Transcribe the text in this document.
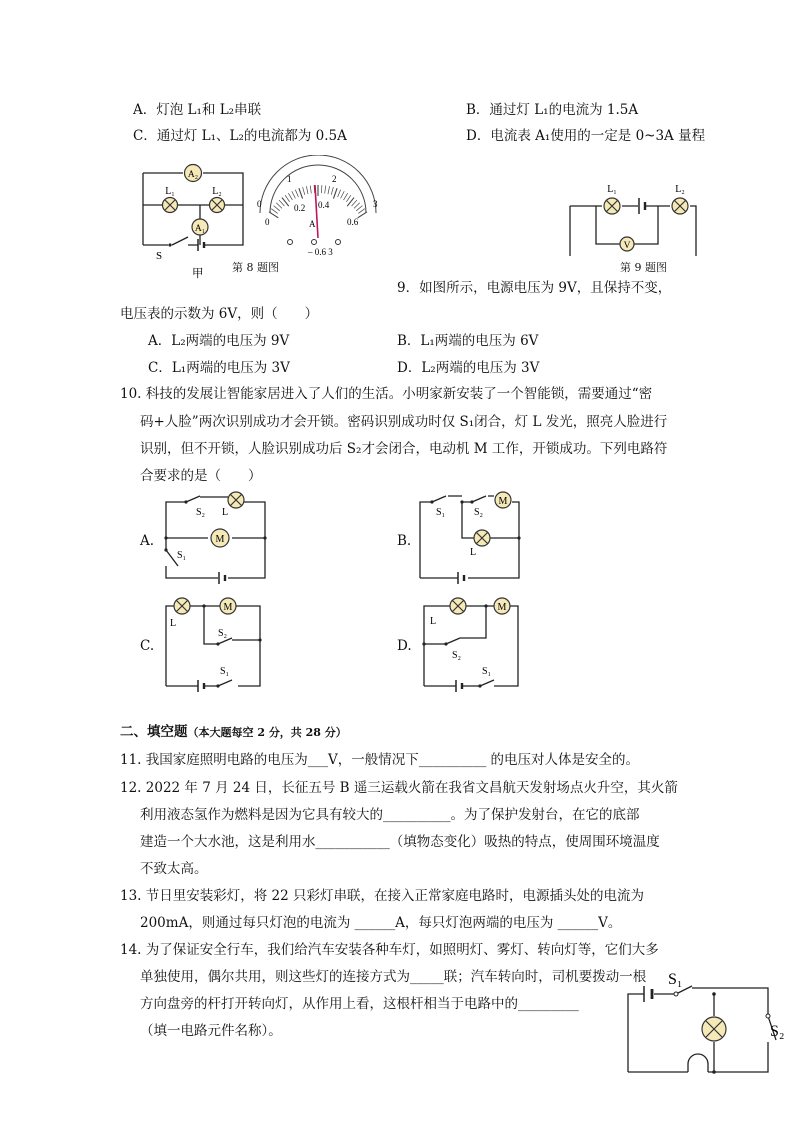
A．灯泡 L₁和 L₂串联	B．通过灯 L₁的电流为 1.5A
C．通过灯 L₁、L₂的电流都为 0.5A	D．电流表 A₁使用的一定是 0~3A 量程
A₂
A₁
L₁	L₂
S
甲
0
0.2 0.4
0.6
0
1	2
3
A
– 0.6 3
第 8 题图
V
L₁	L₂
第 9 题图
9．如图所示，电源电压为 9V，且保持不变，
电压表的示数为 6V，则（　　）
A．L₂两端的电压为 9V	B．L₁两端的电压为 6V
C．L₁两端的电压为 3V	D．L₂两端的电压为 3V
10. 科技的发展让智能家居进入了人们的生活。小明家新安装了一个智能锁，需要通过“密
码+人脸”两次识别成功才会开锁。密码识别成功时仅 S₁闭合，灯 L 发光，照亮人脸进行
识别，但不开锁，人脸识别成功后 S₂才会闭合，电动机 M 工作，开锁成功。下列电路符
合要求的是（　　）
A.	M
S₂ L
S₁
B.
M
S₁	S₂
L
C.
M
L
S₂
S₁
D.
M
L
S₂
S₁
二、填空题（本大题每空 2 分，共 28 分）
11. 我国家庭照明电路的电压为___V，一般情况下__________ 的电压对人体是安全的。
12. 2022 年 7 月 24 日，长征五号 B 遥三运载火箭在我省文昌航天发射场点火升空，其火箭
利用液态氢作为燃料是因为它具有较大的__________。为了保护发射台，在它的底部
建造一个大水池，这是利用水___________（填物态变化）吸热的特点，使周围环境温度
不致太高。
13. 节日里安装彩灯，将 22 只彩灯串联，在接入正常家庭电路时，电源插头处的电流为
200mA，则通过每只灯泡的电流为 ______A，每只灯泡两端的电压为 ______V。
14. 为了保证安全行车，我们给汽车安装各种车灯，如照明灯、雾灯、转向灯等，它们大多
单独使用，偶尔共用，则这些灯的连接方式为_____联；汽车转向时，司机要拨动一根
方向盘旁的杆打开转向灯，从作用上看，这根杆相当于电路中的_________
（填一电路元件名称）。
S₁
S₂
